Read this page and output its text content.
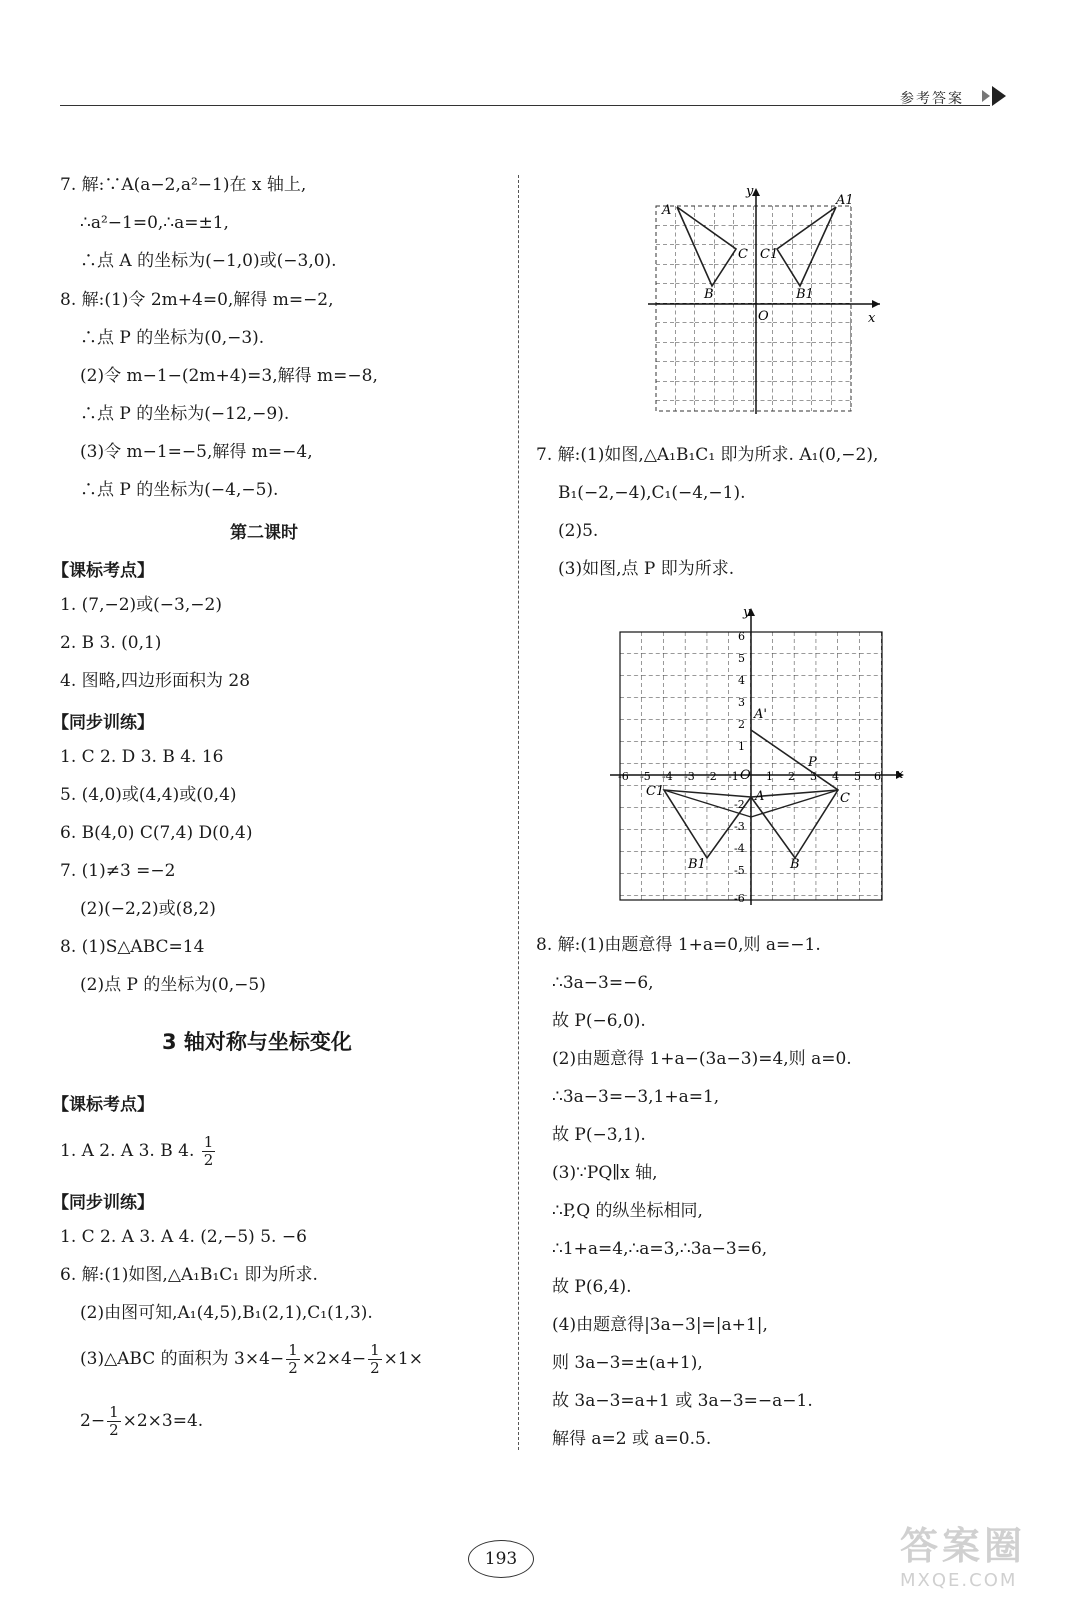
参考答案
7. 解:∵A(a−2,a²−1)在 x 轴上,
∴a²−1=0,∴a=±1,
∴点 A 的坐标为(−1,0)或(−3,0).
8. 解:(1)令 2m+4=0,解得 m=−2,
∴点 P 的坐标为(0,−3).
(2)令 m−1−(2m+4)=3,解得 m=−8,
∴点 P 的坐标为(−12,−9).
(3)令 m−1=−5,解得 m=−4,
∴点 P 的坐标为(−4,−5).
第二课时
【课标考点】
1. (7,−2)或(−3,−2)
2. B 3. (0,1)
4. 图略,四边形面积为 28
【同步训练】
1. C 2. D 3. B 4. 16
5. (4,0)或(4,4)或(0,4)
6. B(4,0) C(7,4) D(0,4)
7. (1)≠3 =−2
(2)(−2,2)或(8,2)
8. (1)S△ABC=14
(2)点 P 的坐标为(0,−5)
3 轴对称与坐标变化
【课标考点】
1. A 2. A 3. B 4. $\frac{1}{2}$
【同步训练】
1. C 2. A 3. A 4. (2,−5) 5. −6
6. 解:(1)如图,△A₁B₁C₁ 即为所求.
(2)由图可知,A₁(4,5),B₁(2,1),C₁(1,3).
(3)△ABC 的面积为 $3\times 4- \frac{1}{2} \times 2\times 4- \frac{1}{2} \times 1\times$
$2- \frac{1}{2} \times 2\times 3=4$.
y
x
O
A
A1
B	B1
C C1
7. 解:(1)如图,△A₁B₁C₁ 即为所求. A₁(0,−2),
B₁(−2,−4),C₁(−4,−1).
(2)5.
(3)如图,点 P 即为所求.
-6 -5 -4 -3 -2 -1 1 2 3 4 5 6
6
5
4
3
2
1
-2
-3
-4
-5
-6
y
x
O
A
A'
B
B1
C
C1
P
8. 解:(1)由题意得 1+a=0,则 a=−1.
∴3a−3=−6,
故 P(−6,0).
(2)由题意得 1+a−(3a−3)=4,则 a=0.
∴3a−3=−3,1+a=1,
故 P(−3,1).
(3)∵PQ∥x 轴,
∴P,Q 的纵坐标相同,
∴1+a=4,∴a=3,∴3a−3=6,
故 P(6,4).
(4)由题意得|3a−3|=|a+1|,
则 3a−3=±(a+1),
故 3a−3=a+1 或 3a−3=−a−1.
解得 a=2 或 a=0.5.
193	答案圈
MXQE.COM
